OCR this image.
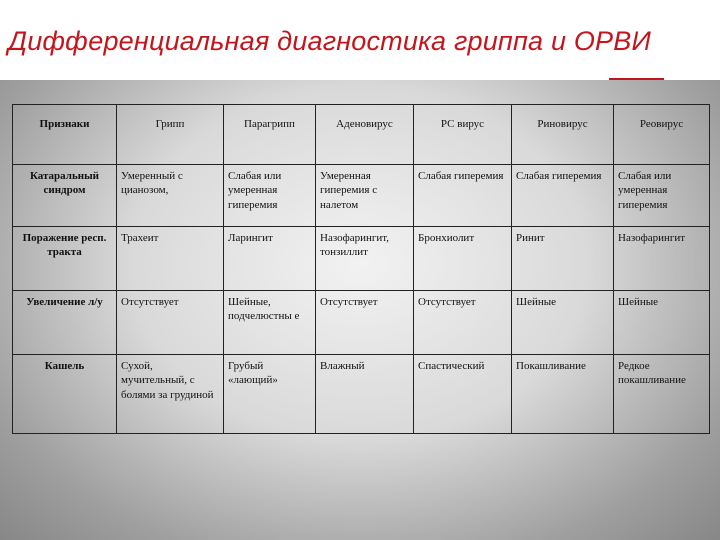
Дифференциальная диагностика гриппа и ОРВИ
Признаки	Грипп	Парагрипп	Аденовирус	РС вирус	Риновирус	Реовирус
Катаральный синдром	Умеренный с цианозом,	Слабая или умеренная гиперемия	Умеренная гиперемия с налетом	Слабая гиперемия	Слабая гиперемия	Слабая или умеренная гиперемия
Поражение респ. тракта	Трахеит	Ларингит	Назофарингит, тонзиллит	Бронхиолит	Ринит	Назофарингит
Увеличение л/у	Отсутствует	Шейные, подчелюстны е	Отсутствует	Отсутствует	Шейные	Шейные
Кашель	Сухой, мучительный, с болями за грудиной	Грубый «лающий»	Влажный	Спастический	Покашливание	Редкое покашливание
